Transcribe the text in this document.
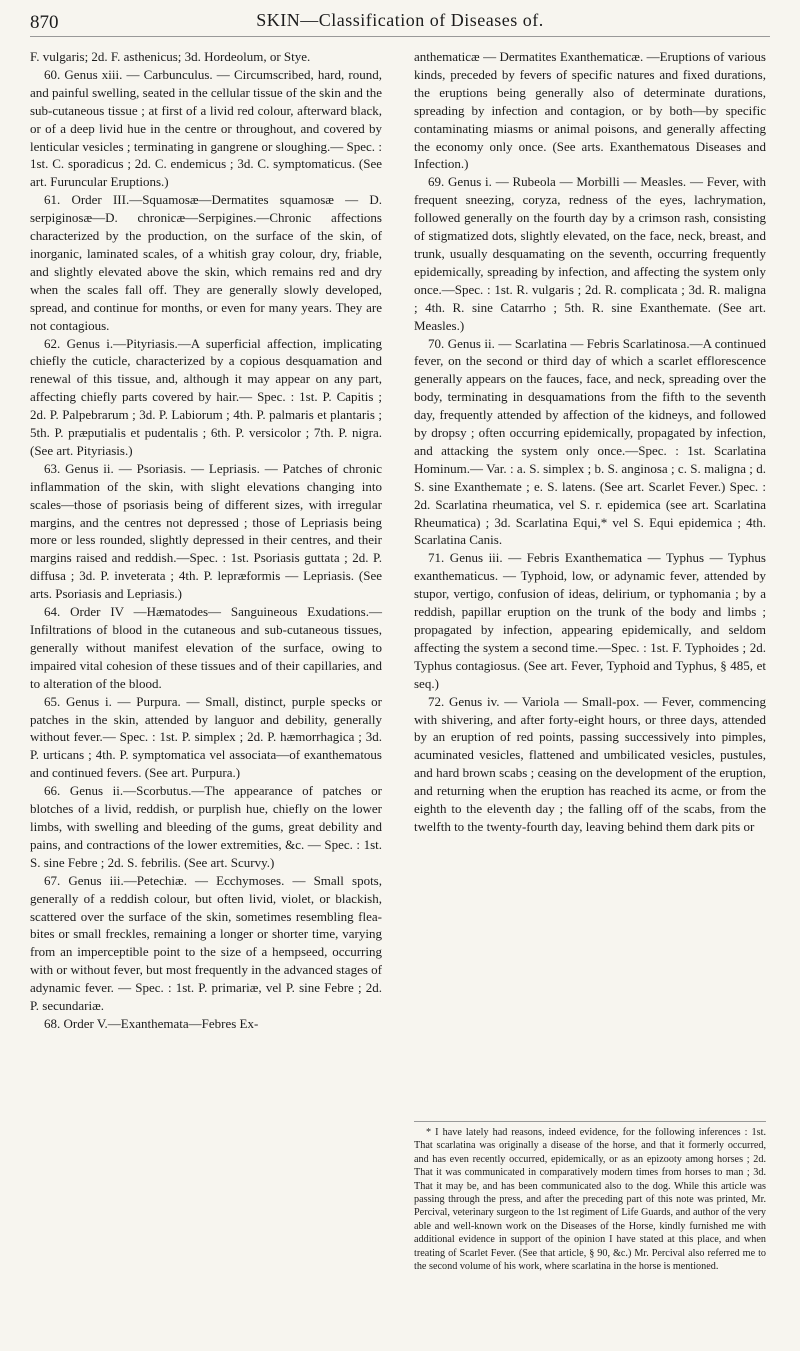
870	SKIN—Classification of Diseases of.

F. vulgaris; 2d. F. asthenicus; 3d. Hordeolum, or Stye.

60. Genus xiii. — Carbunculus. — Circumscribed, hard, round, and painful swelling, seated in the cellular tissue of the skin and the sub-cutaneous tissue ; at first of a livid red colour, afterward black, or of a deep livid hue in the centre or throughout, and covered by lenticular vesicles ; terminating in gangrene or sloughing.— Spec. : 1st. C. sporadicus ; 2d. C. endemicus ; 3d. C. symptomaticus. (See art. Furuncular Eruptions.)

61. Order III.—Squamosæ—Dermatites squamosæ — D. serpiginosæ—D. chronicæ—Serpigines.—Chronic affections characterized by the production, on the surface of the skin, of inorganic, laminated scales, of a whitish gray colour, dry, friable, and slightly elevated above the skin, which remains red and dry when the scales fall off. They are generally slowly developed, spread, and continue for months, or even for many years. They are not contagious.

62. Genus i.—Pityriasis.—A superficial affection, implicating chiefly the cuticle, characterized by a copious desquamation and renewal of this tissue, and, although it may appear on any part, affecting chiefly parts covered by hair.— Spec. : 1st. P. Capitis ; 2d. P. Palpebrarum ; 3d. P. Labiorum ; 4th. P. palmaris et plantaris ; 5th. P. præputialis et pudentalis ; 6th. P. versicolor ; 7th. P. nigra. (See art. Pityriasis.)

63. Genus ii. — Psoriasis. — Lepriasis. — Patches of chronic inflammation of the skin, with slight elevations changing into scales—those of psoriasis being of different sizes, with irregular margins, and the centres not depressed ; those of Lepriasis being more or less rounded, slightly depressed in their centres, and their margins raised and reddish.—Spec. : 1st. Psoriasis guttata ; 2d. P. diffusa ; 3d. P. inveterata ; 4th. P. lepræformis — Lepriasis. (See arts. Psoriasis and Lepriasis.)

64. Order IV —Hæmatodes— Sanguineous Exudations.—Infiltrations of blood in the cutaneous and sub-cutaneous tissues, generally without manifest elevation of the surface, owing to impaired vital cohesion of these tissues and of their capillaries, and to alteration of the blood.

65. Genus i. — Purpura. — Small, distinct, purple specks or patches in the skin, attended by languor and debility, generally without fever.— Spec. : 1st. P. simplex ; 2d. P. hæmorrhagica ; 3d. P. urticans ; 4th. P. symptomatica vel associata—of exanthematous and continued fevers. (See art. Purpura.)

66. Genus ii.—Scorbutus.—The appearance of patches or blotches of a livid, reddish, or purplish hue, chiefly on the lower limbs, with swelling and bleeding of the gums, great debility and pains, and contractions of the lower extremities, &c. — Spec. : 1st. S. sine Febre ; 2d. S. febrilis. (See art. Scurvy.)

67. Genus iii.—Petechiæ. — Ecchymoses. — Small spots, generally of a reddish colour, but often livid, violet, or blackish, scattered over the surface of the skin, sometimes resembling flea-bites or small freckles, remaining a longer or shorter time, varying from an imperceptible point to the size of a hempseed, occurring with or without fever, but most frequently in the advanced stages of adynamic fever. — Spec. : 1st. P. primariæ, vel P. sine Febre ; 2d. P. secundariæ.

68. Order V.—Exanthemata—Febres Ex-

anthematicæ — Dermatites Exanthematicæ. —Eruptions of various kinds, preceded by fevers of specific natures and fixed durations, the eruptions being generally also of determinate durations, spreading by infection and contagion, or by both—by specific contaminating miasms or animal poisons, and generally affecting the economy only once. (See arts. Exanthematous Diseases and Infection.)

69. Genus i. — Rubeola — Morbilli — Measles. — Fever, with frequent sneezing, coryza, redness of the eyes, lachrymation, followed generally on the fourth day by a crimson rash, consisting of stigmatized dots, slightly elevated, on the face, neck, breast, and trunk, usually desquamating on the seventh, occurring frequently epidemically, spreading by infection, and affecting the system only once.—Spec. : 1st. R. vulgaris ; 2d. R. complicata ; 3d. R. maligna ; 4th. R. sine Catarrho ; 5th. R. sine Exanthemate. (See art. Measles.)

70. Genus ii. — Scarlatina — Febris Scarlatinosa.—A continued fever, on the second or third day of which a scarlet efflorescence generally appears on the fauces, face, and neck, spreading over the body, terminating in desquamations from the fifth to the seventh day, frequently attended by affection of the kidneys, and followed by dropsy ; often occurring epidemically, propagated by infection, and attacking the system only once.—Spec. : 1st. Scarlatina Hominum.— Var. : a. S. simplex ; b. S. anginosa ; c. S. maligna ; d. S. sine Exanthemate ; e. S. latens. (See art. Scarlet Fever.) Spec. : 2d. Scarlatina rheumatica, vel S. r. epidemica (see art. Scarlatina Rheumatica) ; 3d. Scarlatina Equi,* vel S. Equi epidemica ; 4th. Scarlatina Canis.

71. Genus iii. — Febris Exanthematica — Typhus — Typhus exanthematicus. — Typhoid, low, or adynamic fever, attended by stupor, vertigo, confusion of ideas, delirium, or typhomania ; by a reddish, papillar eruption on the trunk of the body and limbs ; propagated by infection, appearing epidemically, and seldom affecting the system a second time.—Spec. : 1st. F. Typhoides ; 2d. Typhus contagiosus. (See art. Fever, Typhoid and Typhus, § 485, et seq.)

72. Genus iv. — Variola — Small-pox. — Fever, commencing with shivering, and after forty-eight hours, or three days, attended by an eruption of red points, passing successively into pimples, acuminated vesicles, flattened and umbilicated vesicles, pustules, and hard brown scabs ; ceasing on the development of the eruption, and returning when the eruption has reached its acme, or from the eighth to the eleventh day ; the falling off of the scabs, from the twelfth to the twenty-fourth day, leaving behind them dark pits or

* I have lately had reasons, indeed evidence, for the following inferences : 1st. That scarlatina was originally a disease of the horse, and that it formerly occurred, and has even recently occurred, epidemically, or as an epizooty among horses ; 2d. That it was communicated in comparatively modern times from horses to man ; 3d. That it may be, and has been communicated also to the dog. While this article was passing through the press, and after the preceding part of this note was printed, Mr. Percival, veterinary surgeon to the 1st regiment of Life Guards, and author of the very able and well-known work on the Diseases of the Horse, kindly furnished me with additional evidence in support of the opinion I have stated at this place, and when treating of Scarlet Fever. (See that article, § 90, &c.) Mr. Percival also referred me to the second volume of his work, where scarlatina in the horse is mentioned.
